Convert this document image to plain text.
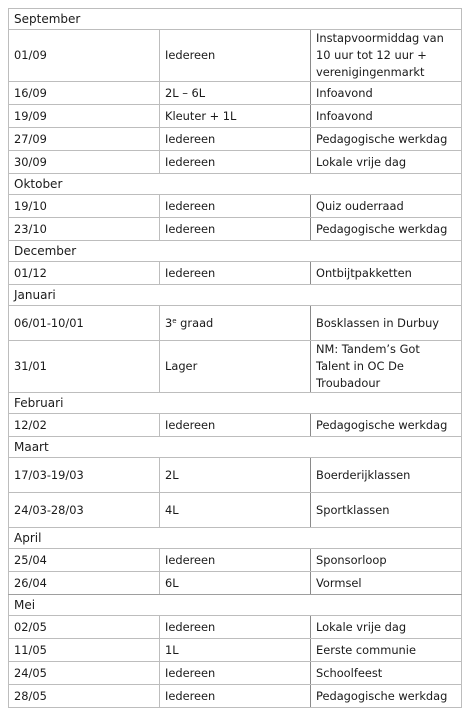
September		
01/09	Iedereen	Instapvoormiddag van 10 uur tot 12 uur + verenigingenmarkt
16/09	2L – 6L	Infoavond
19/09	Kleuter + 1L	Infoavond
27/09	Iedereen	Pedagogische werkdag
30/09	Iedereen	Lokale vrije dag
Oktober		
19/10	Iedereen	Quiz ouderraad
23/10	Iedereen	Pedagogische werkdag
December		
01/12	Iedereen	Ontbijtpakketten
Januari		
06/01-10/01	3e graad	Bosklassen in Durbuy
31/01	Lager	NM: Tandem’s Got Talent in OC De Troubadour
Februari		
12/02	Iedereen	Pedagogische werkdag
Maart		
17/03-19/03	2L	Boerderijklassen
24/03-28/03	4L	Sportklassen
April		
25/04	Iedereen	Sponsorloop
26/04	6L	Vormsel
Mei		
02/05	Iedereen	Lokale vrije dag
11/05	1L	Eerste communie
24/05	Iedereen	Schoolfeest
28/05	Iedereen	Pedagogische werkdag
